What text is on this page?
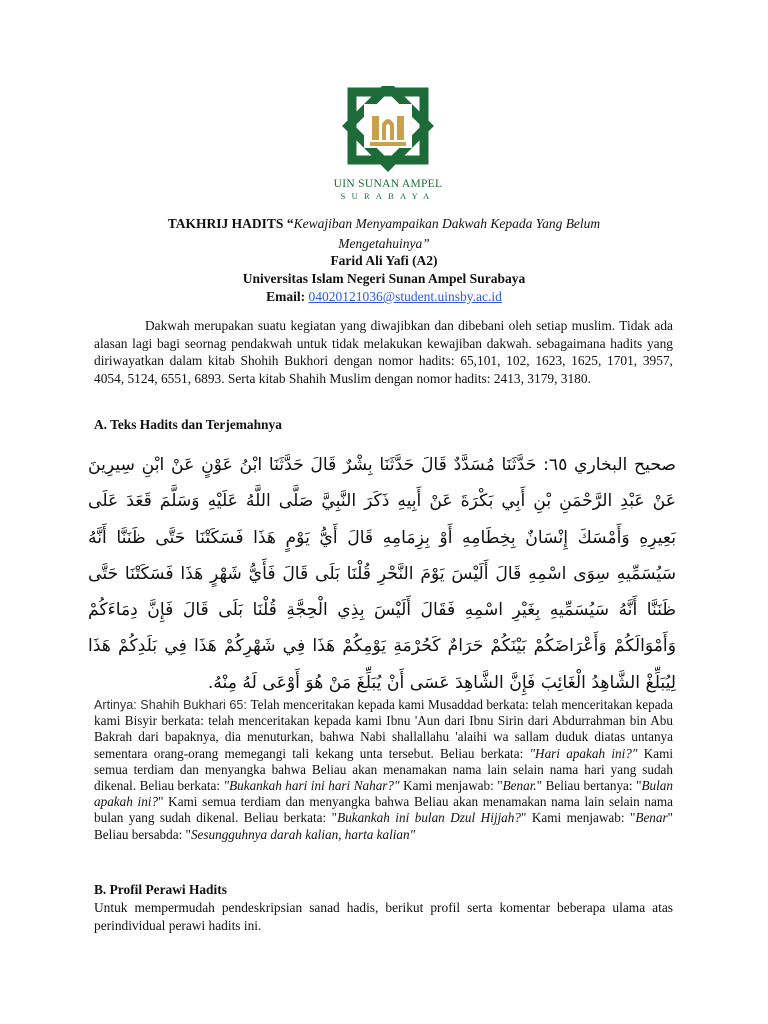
UIN SUNAN AMPEL
SURABAYA
TAKHRIJ HADITS “Kewajiban Menyampaikan Dakwah Kepada Yang Belum
Mengetahuinya”
Farid Ali Yafi (A2)
Universitas Islam Negeri Sunan Ampel Surabaya
Email: 04020121036@student.uinsby.ac.id
Dakwah merupakan suatu kegiatan yang diwajibkan dan dibebani oleh setiap muslim. Tidak ada alasan lagi bagi seornag pendakwah untuk tidak melakukan kewajiban dakwah. sebagaimana hadits yang diriwayatkan dalam kitab Shohih Bukhori dengan nomor hadits: 65,101, 102, 1623, 1625, 1701, 3957, 4054, 5124, 6551, 6893. Serta kitab Shahih Muslim dengan nomor hadits: 2413, 3179, 3180.
A. Teks Hadits dan Terjemahnya
صحيح البخاري ٦٥: حَدَّثَنَا مُسَدَّدٌ قَالَ حَدَّثَنَا بِشْرٌ قَالَ حَدَّثَنَا ابْنُ عَوْنٍ عَنْ ابْنِ سِيرِينَ عَنْ عَبْدِ الرَّحْمَنِ بْنِ أَبِي بَكْرَةَ عَنْ أَبِيهِ ذَكَرَ النَّبِيَّ صَلَّى اللَّهُ عَلَيْهِ وَسَلَّمَ قَعَدَ عَلَى بَعِيرِهِ وَأَمْسَكَ إِنْسَانٌ بِخِطَامِهِ أَوْ بِزِمَامِهِ قَالَ أَيُّ يَوْمٍ هَذَا فَسَكَتْنَا حَتَّى ظَنَنَّا أَنَّهُ سَيُسَمِّيهِ سِوَى اسْمِهِ قَالَ أَلَيْسَ يَوْمَ النَّحْرِ قُلْنَا بَلَى قَالَ فَأَيُّ شَهْرٍ هَذَا فَسَكَتْنَا حَتَّى ظَنَنَّا أَنَّهُ سَيُسَمِّيهِ بِغَيْرِ اسْمِهِ فَقَالَ أَلَيْسَ بِذِي الْحِجَّةِ قُلْنَا بَلَى قَالَ فَإِنَّ دِمَاءَكُمْ وَأَمْوَالَكُمْ وَأَعْرَاضَكُمْ بَيْنَكُمْ حَرَامٌ كَحُرْمَةِ يَوْمِكُمْ هَذَا فِي شَهْرِكُمْ هَذَا فِي بَلَدِكُمْ هَذَا لِيُبَلِّغْ الشَّاهِدُ الْغَائِبَ فَإِنَّ الشَّاهِدَ عَسَى أَنْ يُبَلِّغَ مَنْ هُوَ أَوْعَى لَهُ مِنْهُ.
Artinya: Shahih Bukhari 65: Telah menceritakan kepada kami Musaddad berkata: telah menceritakan kepada kami Bisyir berkata: telah menceritakan kepada kami Ibnu 'Aun dari Ibnu Sirin dari Abdurrahman bin Abu Bakrah dari bapaknya, dia menuturkan, bahwa Nabi shallallahu 'alaihi wa sallam duduk diatas untanya sementara orang-orang memegangi tali kekang unta tersebut. Beliau berkata: "Hari apakah ini?" Kami semua terdiam dan menyangka bahwa Beliau akan menamakan nama lain selain nama hari yang sudah dikenal. Beliau berkata: "Bukankah hari ini hari Nahar?" Kami menjawab: "Benar." Beliau bertanya: "Bulan apakah ini?" Kami semua terdiam dan menyangka bahwa Beliau akan menamakan nama lain selain nama bulan yang sudah dikenal. Beliau berkata: "Bukankah ini bulan Dzul Hijjah?" Kami menjawab: "Benar" Beliau bersabda: "Sesungguhnya darah kalian, harta kalian"
B. Profil Perawi Hadits
Untuk mempermudah pendeskripsian sanad hadis, berikut profil serta komentar beberapa ulama atas perindividual perawi hadits ini.
